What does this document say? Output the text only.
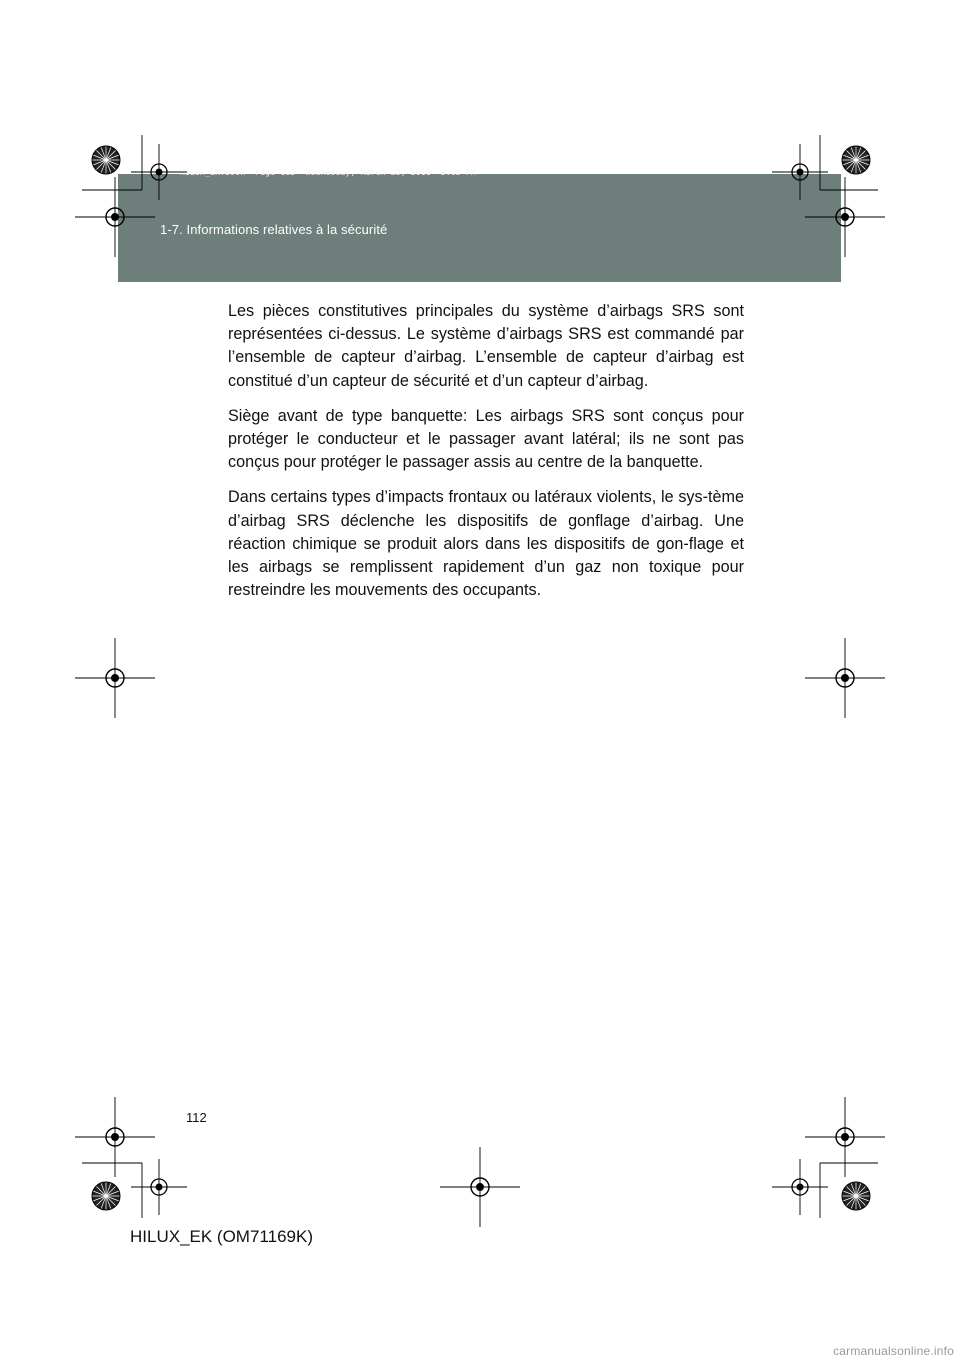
HILUX_EK.book  Page 112  Wednesday, March 23, 2011  3:03 PM
1-7. Informations relatives à la sécurité

Les pièces constitutives principales du système d’airbags SRS sont représentées ci-dessus. Le système d’airbags SRS est commandé par l’ensemble de capteur d’airbag. L’ensemble de capteur d’airbag est constitué d’un capteur de sécurité et d’un capteur d’airbag.

Siège avant de type banquette: Les airbags SRS sont conçus pour protéger le conducteur et le passager avant latéral; ils ne sont pas conçus pour protéger le passager assis au centre de la banquette.

Dans certains types d’impacts frontaux ou latéraux violents, le sys-tème d’airbag SRS déclenche les dispositifs de gonflage d’airbag. Une réaction chimique se produit alors dans les dispositifs de gon-flage et les airbags se remplissent rapidement d’un gaz non toxique pour restreindre les mouvements des occupants.

112
HILUX_EK (OM71169K)
carmanualsonline.info
